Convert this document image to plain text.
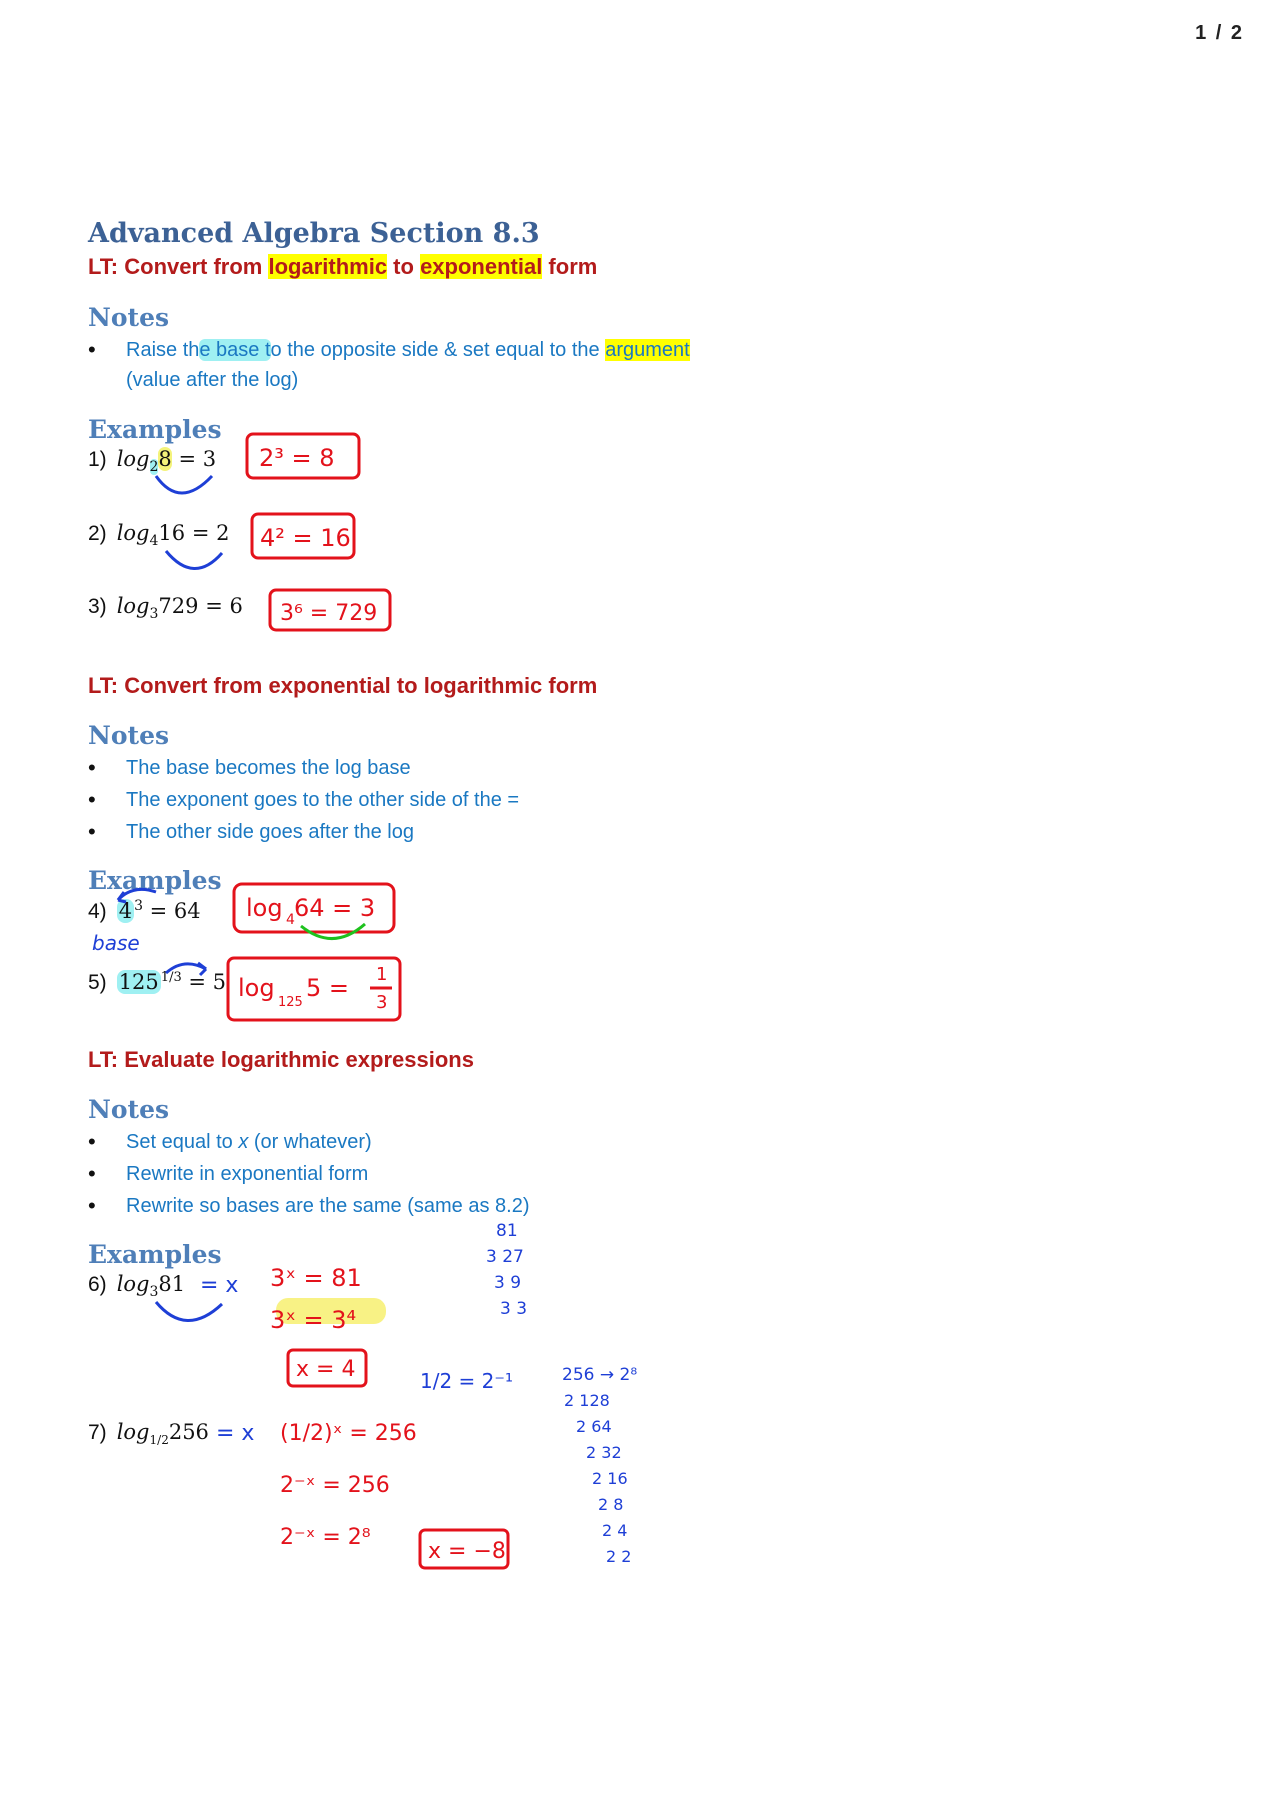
1 / 2
Advanced Algebra Section 8.3
LT: Convert from logarithmic to exponential form
Notes
• Raise the base to the opposite side & set equal to the argument
(value after the log)
Examples
1) $\log_28 = 3$
2) $\log_416 = 2$
3) $\log_3729 = 6$
2³ = 8
4² = 16
3⁶ = 729
LT: Convert from exponential to logarithmic form
Notes
• The base becomes the log base
• The exponent goes to the other side of the =
• The other side goes after the log
Examples
4) 4 $^3$ = 64
base
log 4 64 = 3
5) 125 $^{1/3}$ = 5 log
125
5 = 1
3
LT: Evaluate logarithmic expressions
Notes
• Set equal to x (or whatever)
• Rewrite in exponential form
• Rewrite so bases are the same (same as 8.2)
Examples
6) $\log_381 = x$ 3ˣ = 81
3ˣ = 3⁴
x = 4
81
3 27
3 9
3 3
7) $\log_{1/2}256 = x$ (1/2)ˣ = 256
2⁻ˣ = 256
2⁻ˣ = 2⁸
x = −8
1/2 = 2⁻¹	256 → 2⁸
2 128
2 64
2 32
2 16
2 8
2 4
2 2
